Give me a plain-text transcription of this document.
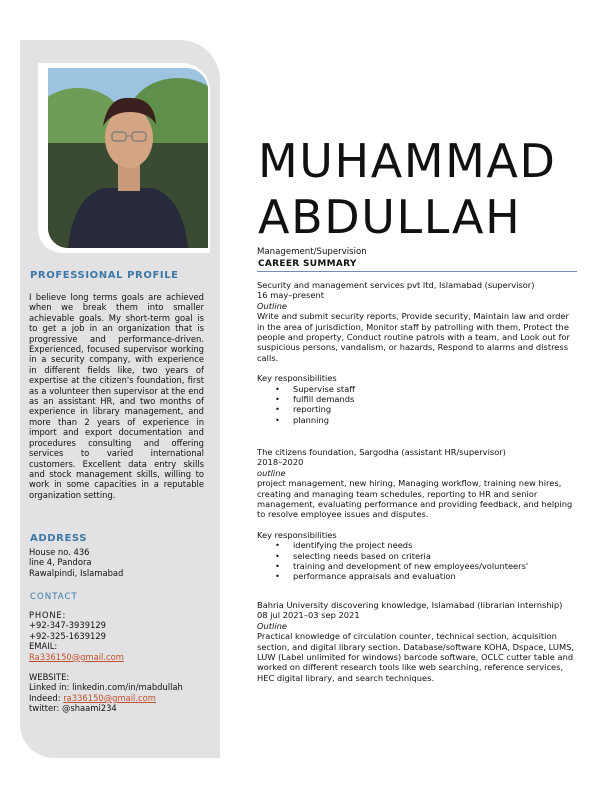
PROFESSIONAL PROFILE
I believe long terms goals are achieved when we break them into smaller achievable goals. My short-term goal is to get a job in an organization that is progressive and performance-driven. Experienced, focused supervisor working in a security company, with experience in different fields like, two years of expertise at the citizen's foundation, first as a volunteer then supervisor at the end as an assistant HR, and two months of experience in library management, and more than 2 years of experience in import and export documentation and procedures consulting and offering services to varied international customers. Excellent data entry skills and stock management skills, willing to work in some capacities in a reputable organization setting.
ADDRESS
House no. 436
line 4, Pandora
Rawalpindi, Islamabad
CONTACT
PHONE:
+92-347-3939129
+92-325-1639129
EMAIL:
Ra336150@gmail.com
WEBSITE:
Linked in: linkedin.com/in/mabdullah
Indeed: ra336150@gmail.com
twitter: @shaami234
MUHAMMAD
ABDULLAH
Management/Supervision
CAREER SUMMARY
Security and management services pvt ltd, Islamabad (supervisor)
16 may–present
Outline
Write and submit security reports, Provide security, Maintain law and order in the area of jurisdiction, Monitor staff by patrolling with them, Protect the people and property, Conduct routine patrols with a team, and Look out for suspicious persons, vandalism, or hazards, Respond to alarms and distress calls.
Key responsibilities
• Supervise staff
• fulfill demands
• reporting
• planning
The citizens foundation, Sargodha (assistant HR/supervisor)
2018–2020
outline
project management, new hiring, Managing workflow, training new hires, creating and managing team schedules, reporting to HR and senior management, evaluating performance and providing feedback, and helping to resolve employee issues and disputes.
Key responsibilities
• identifying the project needs
• selecting needs based on criteria
• training and development of new employees/volunteers'
• performance appraisals and evaluation
Bahria University discovering knowledge, Islamabad (librarian internship)
08 jul 2021–03 sep 2021
Outline
Practical knowledge of circulation counter, technical section, acquisition section, and digital library section. Database/software KOHA, Dspace, LUMS, LUW (Label unlimited for windows) barcode software, OCLC cutter table and worked on different research tools like web searching, reference services, HEC digital library, and search techniques.
